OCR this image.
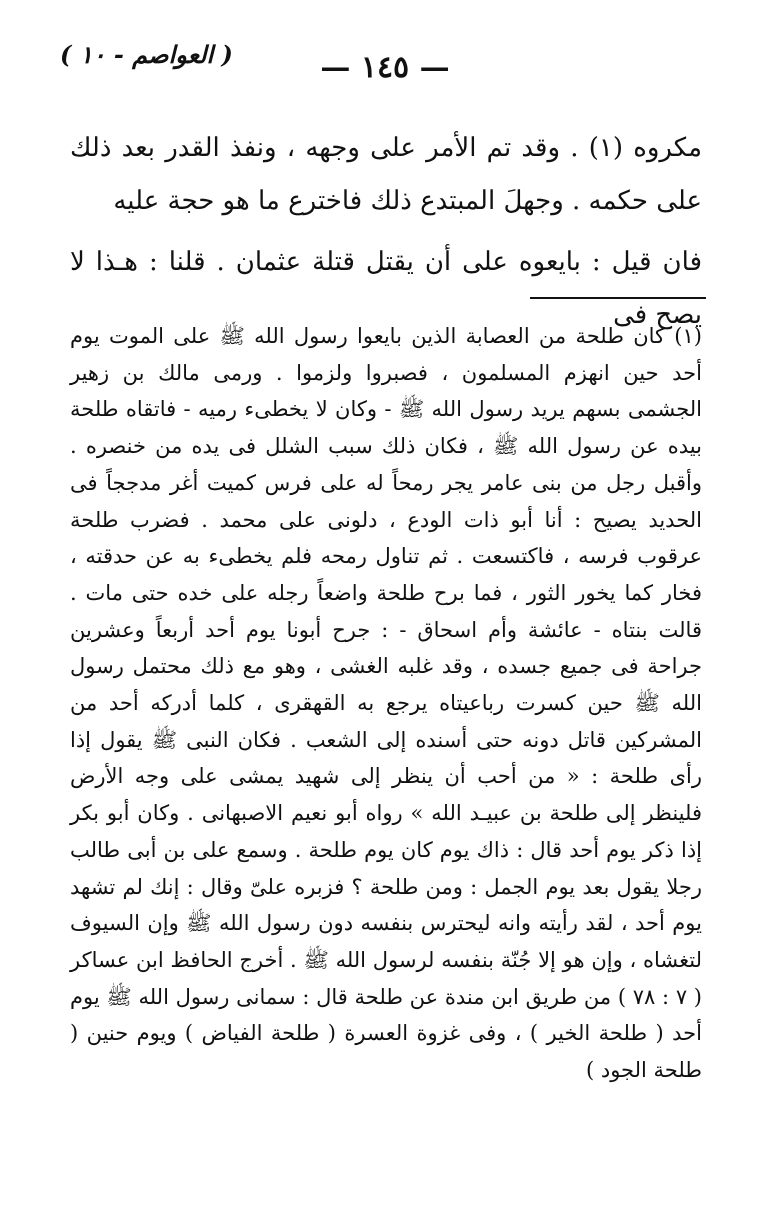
— ١٤٥ —
( العواصم - ١٠ )

مكروه (١) . وقد تم الأمر على وجهه ، ونفذ القدر بعد ذلك على حكمه . وجهلَ المبتدع ذلك فاخترع ما هو حجة عليه

فان قيل : بايعوه على أن يقتل قتلة عثمان . قلنا : هـذا لا يصح فى

(١) كان طلحة من العصابة الذين بايعوا رسول الله ﷺ على الموت يوم أحد حين انهزم المسلمون ، فصبروا ولزموا . ورمى مالك بن زهير الجشمى بسهم يريد رسول الله ﷺ - وكان لا يخطىء رميه - فاتقاه طلحة بيده عن رسول الله ﷺ ، فكان ذلك سبب الشلل فى يده من خنصره . وأقبل رجل من بنى عامر يجر رمحاً له على فرس كميت أغر مدججاً فى الحديد يصيح : أنا أبو ذات الودع ، دلونى على محمد . فضرب طلحة عرقوب فرسه ، فاكتسعت . ثم تناول رمحه فلم يخطىء به عن حدقته ، فخار كما يخور الثور ، فما برح طلحة واضعاً رجله على خده حتى مات . قالت بنتاه - عائشة وأم اسحاق - : جرح أبونا يوم أحد أربعاً وعشرين جراحة فى جميع جسده ، وقد غلبه الغشى ، وهو مع ذلك محتمل رسول الله ﷺ حين كسرت رباعيتاه يرجع به القهقرى ، كلما أدركه أحد من المشركين قاتل دونه حتى أسنده إلى الشعب . فكان النبى ﷺ يقول إذا رأى طلحة : « من أحب أن ينظر إلى شهيد يمشى على وجه الأرض فلينظر إلى طلحة بن عبيـد الله » رواه أبو نعيم الاصبهانى . وكان أبو بكر إذا ذكر يوم أحد قال : ذاك يوم كان يوم طلحة . وسمع على بن أبى طالب رجلا يقول بعد يوم الجمل : ومن طلحة ؟ فزبره علىّ وقال : إنك لم تشهد يوم أحد ، لقد رأيته وانه ليحترس بنفسه دون رسول الله ﷺ وإن السيوف لتغشاه ، وإن هو إلا جُنّة بنفسه لرسول الله ﷺ . أخرج الحافظ ابن عساكر ( ٧ : ٧٨ ) من طريق ابن مندة عن طلحة قال : سمانى رسول الله ﷺ يوم أحد ( طلحة الخير ) ، وفى غزوة العسرة ( طلحة الفياض ) ويوم حنين ( طلحة الجود )
